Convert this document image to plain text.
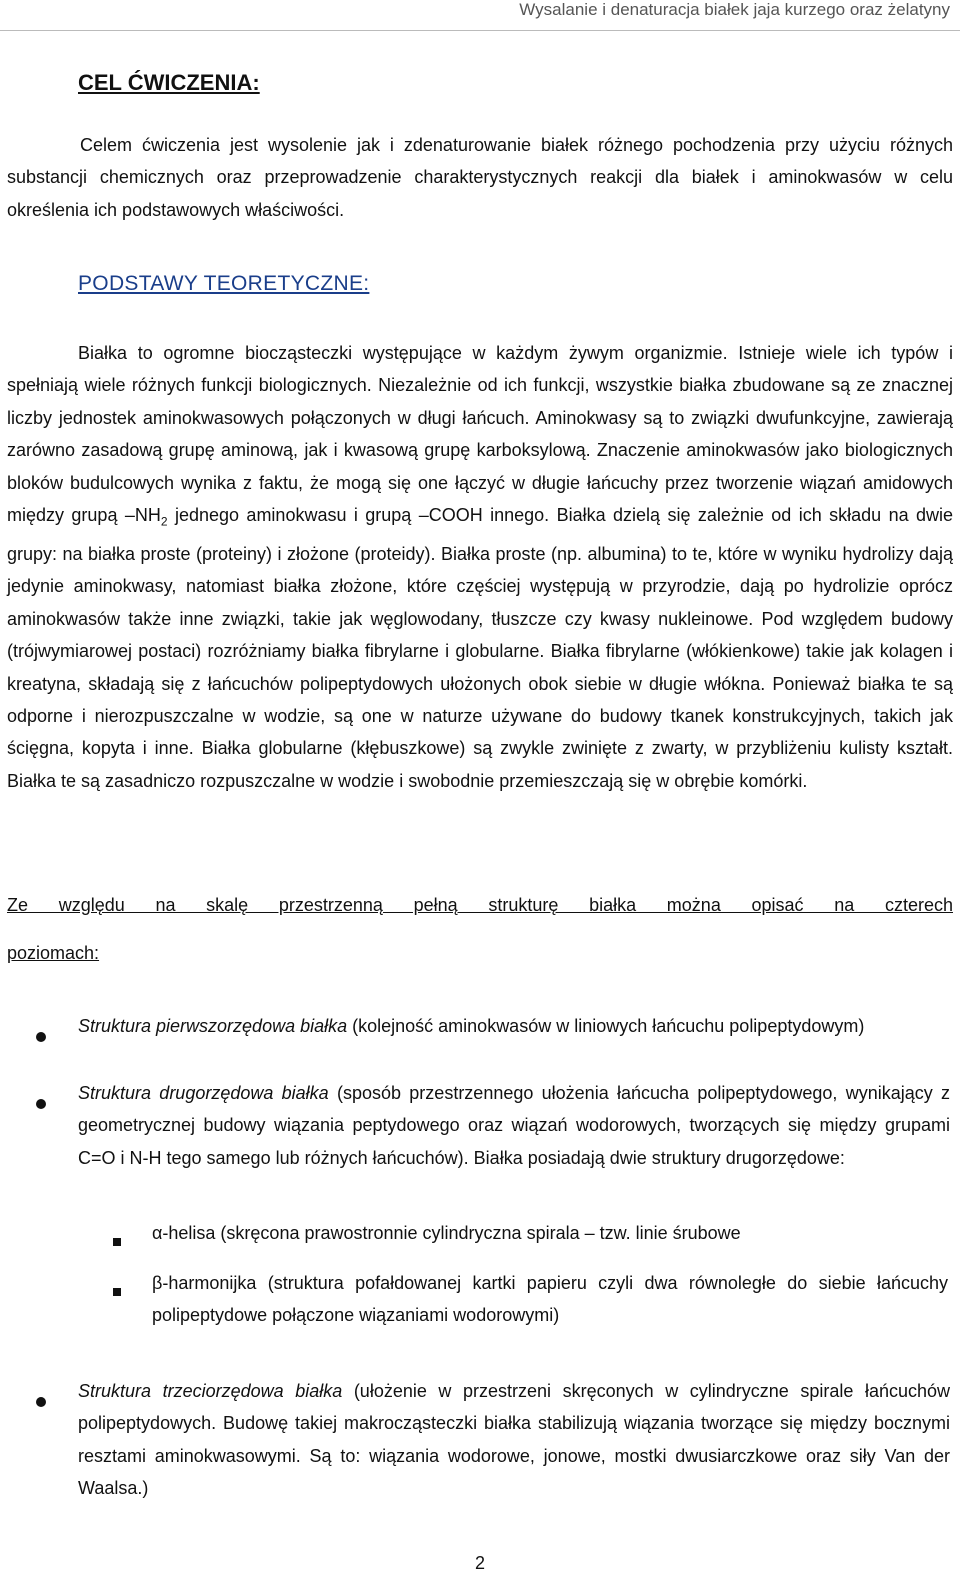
Wysalanie i denaturacja białek jaja kurzego oraz żelatyny
CEL ĆWICZENIA:
Celem ćwiczenia jest wysolenie jak i zdenaturowanie białek różnego pochodzenia przy użyciu różnych substancji chemicznych oraz przeprowadzenie charakterystycznych reakcji dla białek i aminokwasów w celu określenia ich podstawowych właściwości.
PODSTAWY TEORETYCZNE:
Białka to ogromne biocząsteczki występujące w każdym żywym organizmie. Istnieje wiele ich typów i spełniają wiele różnych funkcji biologicznych. Niezależnie od ich funkcji, wszystkie białka zbudowane są ze znacznej liczby jednostek aminokwasowych połączonych w długi łańcuch. Aminokwasy są to związki dwufunkcyjne, zawierają zarówno zasadową grupę aminową, jak i kwasową grupę karboksylową. Znaczenie aminokwasów jako biologicznych bloków budulcowych wynika z faktu, że mogą się one łączyć w długie łańcuchy przez tworzenie wiązań amidowych między grupą $-NH_2$ jednego aminokwasu i grupą –COOH innego. Białka dzielą się zależnie od ich składu na dwie grupy: na białka proste (proteiny) i złożone (proteidy). Białka proste (np. albumina) to te, które w wyniku hydrolizy dają jedynie aminokwasy, natomiast białka złożone, które częściej występują w przyrodzie, dają po hydrolizie oprócz aminokwasów także inne związki, takie jak węglowodany, tłuszcze czy kwasy nukleinowe. Pod względem budowy (trójwymiarowej postaci) rozróżniamy białka fibrylarne i globularne. Białka fibrylarne (włókienkowe) takie jak kolagen i kreatyna, składają się z łańcuchów polipeptydowych ułożonych obok siebie w długie włókna. Ponieważ białka te są odporne i nierozpuszczalne w wodzie, są one w naturze używane do budowy tkanek konstrukcyjnych, takich jak ścięgna, kopyta i inne. Białka globularne (kłębuszkowe) są zwykle zwinięte z zwarty, w przybliżeniu kulisty kształt. Białka te są zasadniczo rozpuszczalne w wodzie i swobodnie przemieszczają się w obrębie komórki.
Ze względu na skalę przestrzenną pełną strukturę białka można opisać na czterech
poziomach:
Struktura pierwszorzędowa białka (kolejność aminokwasów w liniowych łańcuchu polipeptydowym)
Struktura drugorzędowa białka (sposób przestrzennego ułożenia łańcucha polipeptydowego, wynikający z geometrycznej budowy wiązania peptydowego oraz wiązań wodorowych, tworzących się między grupami C=O i N-H tego samego lub różnych łańcuchów). Białka posiadają dwie struktury drugorzędowe:
α-helisa (skręcona prawostronnie cylindryczna spirala – tzw. linie śrubowe
β-harmonijka (struktura pofałdowanej kartki papieru czyli dwa równoległe do siebie łańcuchy polipeptydowe połączone wiązaniami wodorowymi)
Struktura trzeciorzędowa białka (ułożenie w przestrzeni skręconych w cylindryczne spirale łańcuchów polipeptydowych. Budowę takiej makrocząsteczki białka stabilizują wiązania tworzące się między bocznymi resztami aminokwasowymi. Są to: wiązania wodorowe, jonowe, mostki dwusiarczkowe oraz siły Van der Waalsa.)
2
